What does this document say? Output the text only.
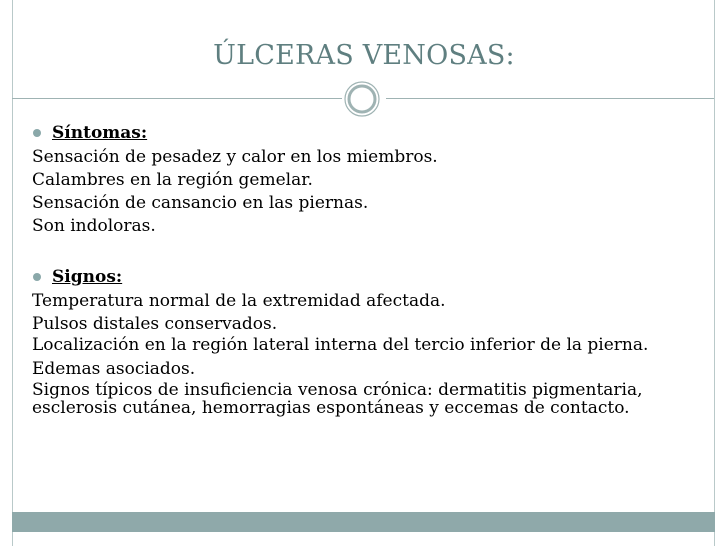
ÚLCERAS VENOSAS:
Síntomas:
Sensación de pesadez y calor en los miembros.
Calambres en la región gemelar.
Sensación de cansancio en las piernas.
Son indoloras.
Signos:
Temperatura normal de la extremidad afectada.
Pulsos distales conservados.
Localización en la región lateral interna del tercio inferior de la pierna.
Edemas asociados.
Signos típicos de insuficiencia venosa crónica: dermatitis pigmentaria, esclerosis cutánea, hemorragias espontáneas y eccemas de contacto.
